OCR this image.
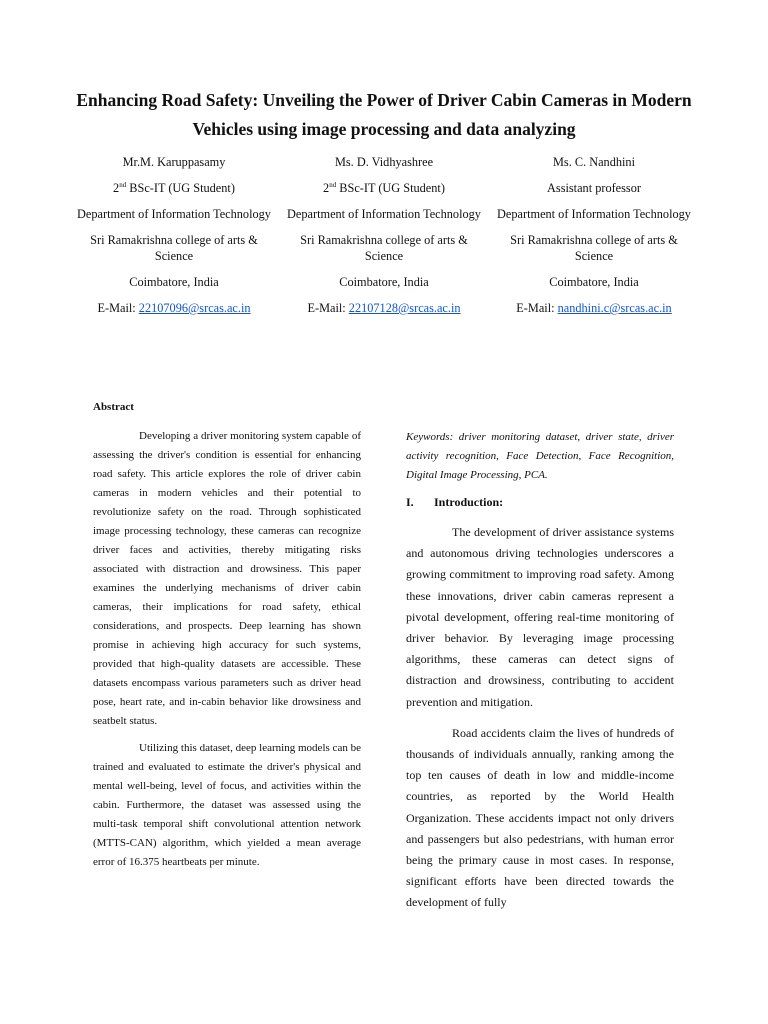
Enhancing Road Safety: Unveiling the Power of Driver Cabin Cameras in Modern Vehicles using image processing and data analyzing
Mr.M. Karuppasamy
2nd BSc-IT (UG Student)
Department of Information Technology
Sri Ramakrishna college of arts & Science
Coimbatore, India
E-Mail: 22107096@srcas.ac.in
Ms. D. Vidhyashree
2nd BSc-IT (UG Student)
Department of Information Technology
Sri Ramakrishna college of arts & Science
Coimbatore, India
E-Mail: 22107128@srcas.ac.in
Ms. C. Nandhini
Assistant professor
Department of Information Technology
Sri Ramakrishna college of arts & Science
Coimbatore, India
E-Mail: nandhini.c@srcas.ac.in
Abstract

Developing a driver monitoring system capable of assessing the driver's condition is essential for enhancing road safety. This article explores the role of driver cabin cameras in modern vehicles and their potential to revolutionize safety on the road. Through sophisticated image processing technology, these cameras can recognize driver faces and activities, thereby mitigating risks associated with distraction and drowsiness. This paper examines the underlying mechanisms of driver cabin cameras, their implications for road safety, ethical considerations, and prospects. Deep learning has shown promise in achieving high accuracy for such systems, provided that high-quality datasets are accessible. These datasets encompass various parameters such as driver head pose, heart rate, and in-cabin behavior like drowsiness and seatbelt status.

Utilizing this dataset, deep learning models can be trained and evaluated to estimate the driver's physical and mental well-being, level of focus, and activities within the cabin. Furthermore, the dataset was assessed using the multi-task temporal shift convolutional attention network (MTTS-CAN) algorithm, which yielded a mean average error of 16.375 heartbeats per minute.

Keywords: driver monitoring dataset, driver state, driver activity recognition, Face Detection, Face Recognition, Digital Image Processing, PCA.
I.	Introduction:

The development of driver assistance systems and autonomous driving technologies underscores a growing commitment to improving road safety. Among these innovations, driver cabin cameras represent a pivotal development, offering real-time monitoring of driver behavior. By leveraging image processing algorithms, these cameras can detect signs of distraction and drowsiness, contributing to accident prevention and mitigation.

Road accidents claim the lives of hundreds of thousands of individuals annually, ranking among the top ten causes of death in low and middle-income countries, as reported by the World Health Organization. These accidents impact not only drivers and passengers but also pedestrians, with human error being the primary cause in most cases. In response, significant efforts have been directed towards the development of fully
